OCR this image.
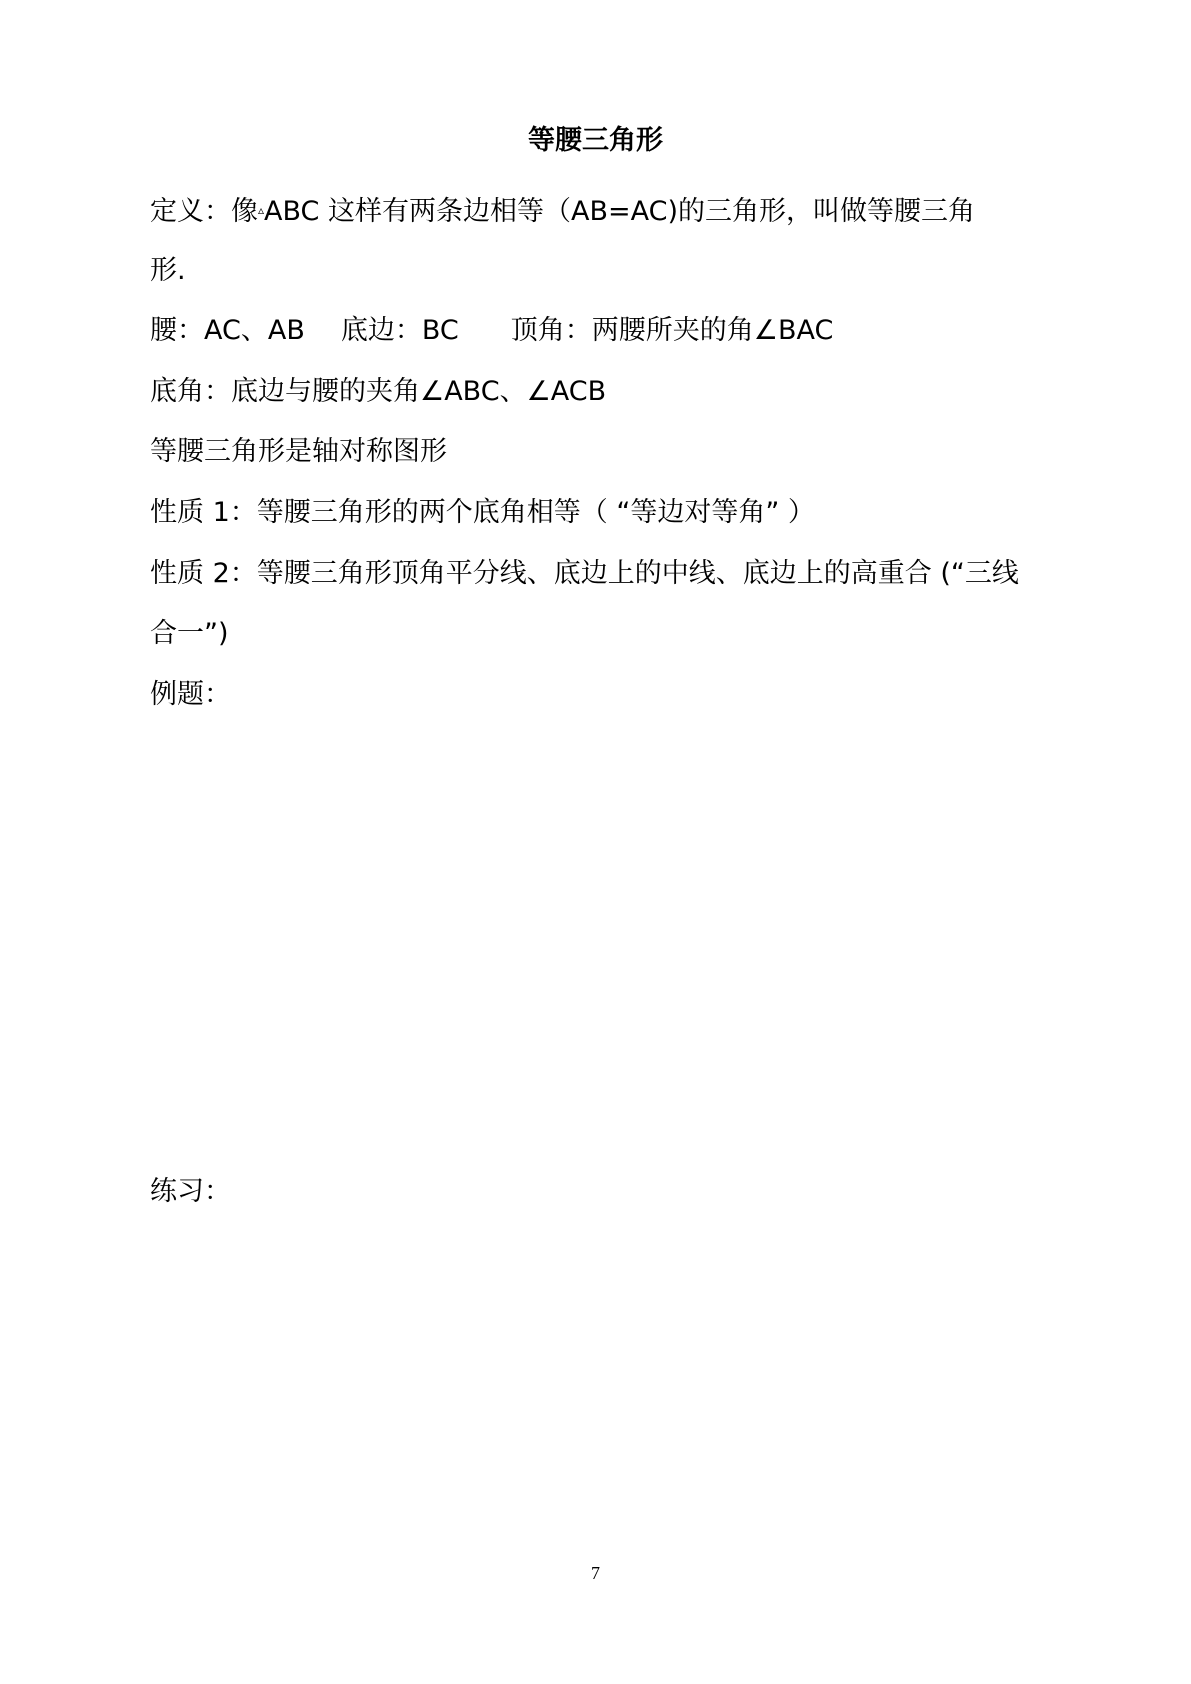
等腰三角形
定义：像▵ABC 这样有两条边相等（AB=AC)的三角形，叫做等腰三角
形.
腰：AC、AB 底边：BC 顶角：两腰所夹的角∠BAC
底角：底边与腰的夹角∠ABC、∠ACB
等腰三角形是轴对称图形
性质 1：等腰三角形的两个底角相等（ “等边对等角” ）
性质 2：等腰三角形顶角平分线、底边上的中线、底边上的高重合 (“三线
合一”)
例题：
练习：
7
